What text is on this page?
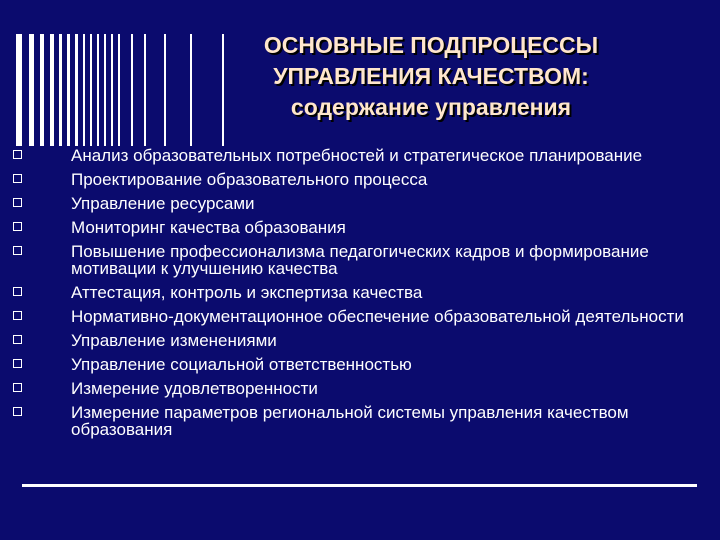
ОСНОВНЫЕ ПОДПРОЦЕССЫ
УПРАВЛЕНИЯ КАЧЕСТВОМ:
содержание управления
Анализ образовательных потребностей и стратегическое планирование
Проектирование образовательного процесса
Управление ресурсами
Мониторинг качества образования
Повышение профессионализма педагогических кадров и формирование мотивации к улучшению качества
Аттестация, контроль и экспертиза качества
Нормативно-документационное обеспечение образовательной деятельности
Управление изменениями
Управление социальной ответственностью
Измерение удовлетворенности
Измерение параметров региональной системы управления качеством образования
